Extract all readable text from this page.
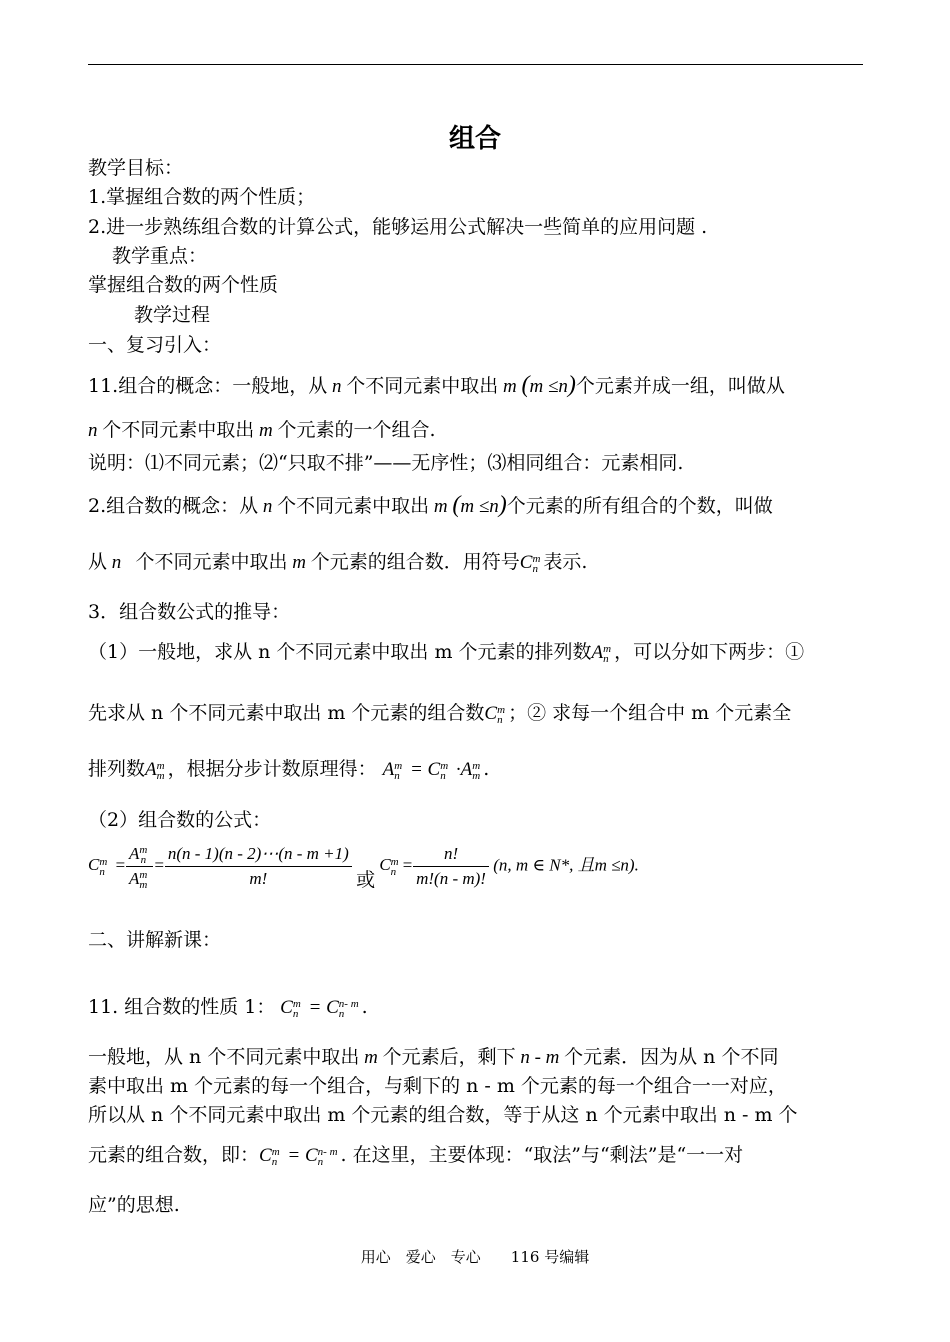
组合
教学目标：
1.掌握组合数的两个性质；
2.进一步熟练组合数的计算公式，能够运用公式解决一些简单的应用问题 .
教学重点：
掌握组合数的两个性质
教学过程
一、复习引入：
11.组合的概念：一般地，从 n 个不同元素中取出 m (m ≤n)个元素并成一组，叫做从
n 个不同元素中取出 m 个元素的一个组合.
说明：⑴不同元素；⑵“只取不排”——无序性；⑶相同组合：元素相同.
2.组合数的概念：从 n 个不同元素中取出 m (m ≤n)个元素的所有组合的个数，叫做
从 n   个不同元素中取出 m 个元素的组合数．用符号C m
n 表示.
3．组合数公式的推导：
（1）一般地，求从 n 个不同元素中取出 m 个元素的排列数A m
n ，可以分如下两步：①
先求从 n 个不同元素中取出 m 个元素的组合数C m
n ；② 求每一个组合中 m 个元素全
排列数A m
m ，根据分步计数原理得： A m
n = C m
n ·A m
m .
（2）组合数的公式：
C m
n = A m
n
A m
$m = \frac{n(n - 1)(n - 2)\cdots(n - m +1)}{m!}$ 或 C m
$n = \frac{n!}{m!(n - m)!} (n$, m ∈ N*, 且m ≤n).
二、讲解新课：
11. 组合数的性质 1： C m
n = C n- m
n .
一般地，从 n 个不同元素中取出 m 个元素后，剩下 n - m 个元素．因为从 n 个不同
素中取出 m 个元素的每一个组合，与剩下的 n - m 个元素的每一个组合一一对应，
所以从 n 个不同元素中取出 m 个元素的组合数，等于从这 n 个元素中取出 n - m 个
元素的组合数，即：C m
n = C n- m
n . 在这里，主要体现：“取法”与“剩法”是“一一对
应”的思想.
用心　爱心　专心　　116 号编辑
